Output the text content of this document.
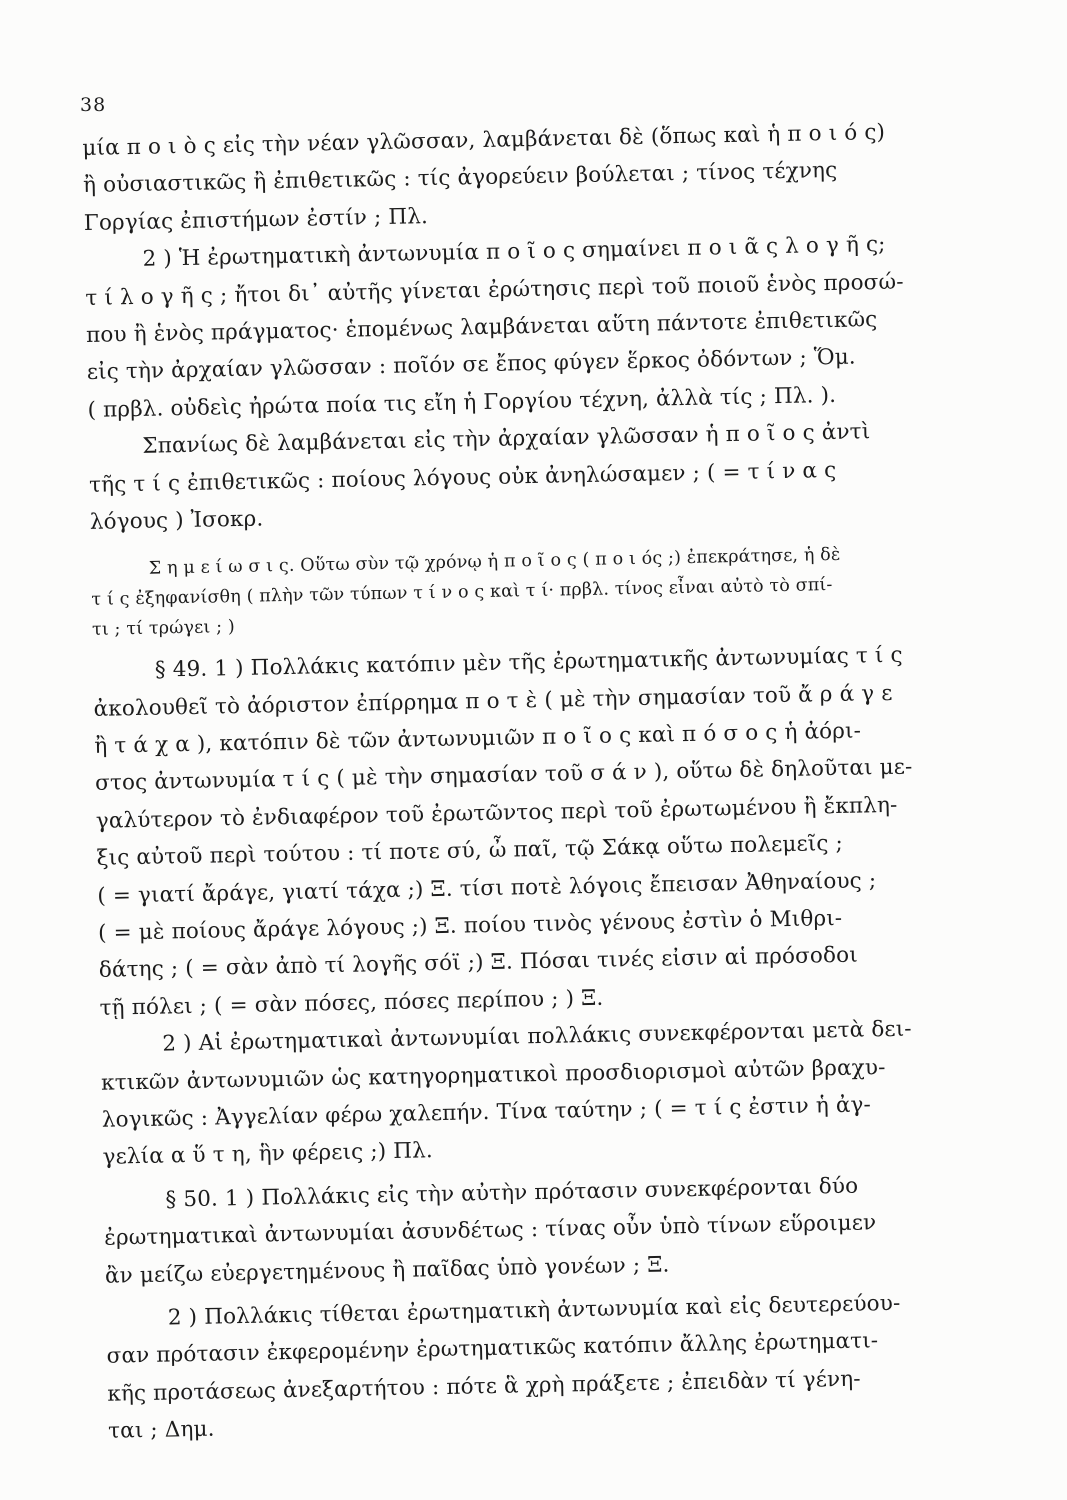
38
μία π ο ι ὸ ς εἰς τὴν νέαν γλῶσσαν, λαμβάνεται δὲ (ὅπως καὶ ἡ π ο ι ό ς)
ἢ οὐσιαστικῶς ἢ ἐπιθετικῶς : τίς ἀγορεύειν βούλεται ; τίνος τέχνης
Γοργίας ἐπιστήμων ἐστίν ; Πλ.
2 ) Ἡ ἐρωτηματικὴ ἀντωνυμία π ο ῖ ο ς σημαίνει π ο ι ᾶ ς λ ο γ ῆ ς;
τ ί λ ο γ ῆ ς ; ἤτοι δι᾽ αὐτῆς γίνεται ἐρώτησις περὶ τοῦ ποιοῦ ἑνὸς προσώ-
που ἢ ἑνὸς πράγματος· ἑπομένως λαμβάνεται αὕτη πάντοτε ἐπιθετικῶς
εἰς τὴν ἀρχαίαν γλῶσσαν : ποῖόν σε ἔπος φύγεν ἕρκος ὀδόντων ; Ὅμ.
( πρβλ. οὐδεὶς ἠρώτα ποία τις εἴη ἡ Γοργίου τέχνη, ἀλλὰ τίς ; Πλ. ).
Σπανίως δὲ λαμβάνεται εἰς τὴν ἀρχαίαν γλῶσσαν ἡ π ο ῖ ο ς ἀντὶ
τῆς τ ί ς ἐπιθετικῶς : ποίους λόγους οὐκ ἀνηλώσαμεν ; ( = τ ί ν α ς
λόγους ) Ἰσοκρ.
Σ η μ ε ί ω σ ι ς. Οὕτω σὺν τῷ χρόνῳ ἡ π ο ῖ ο ς ( π ο ι ός ;) ἐπεκράτησε, ἡ δὲ
τ ί ς ἐξηφανίσθη ( πλὴν τῶν τύπων τ ί ν ο ς καὶ τ ί· πρβλ. τίνος εἶναι αὐτὸ τὸ σπί-
τι ; τί τρώγει ; )
§ 49. 1 ) Πολλάκις κατόπιν μὲν τῆς ἐρωτηματικῆς ἀντωνυμίας τ ί ς
ἀκολουθεῖ τὸ ἀόριστον ἐπίρρημα π ο τ ὲ ( μὲ τὴν σημασίαν τοῦ ἄ ρ ά γ ε
ἢ τ ά χ α ), κατόπιν δὲ τῶν ἀντωνυμιῶν π ο ῖ ο ς καὶ π ό σ ο ς ἡ ἀόρι-
στος ἀντωνυμία τ ί ς ( μὲ τὴν σημασίαν τοῦ σ ά ν ), οὕτω δὲ δηλοῦται με-
γαλύτερον τὸ ἐνδιαφέρον τοῦ ἐρωτῶντος περὶ τοῦ ἐρωτωμένου ἢ ἔκπλη-
ξις αὐτοῦ περὶ τούτου : τί ποτε σύ, ὦ παῖ, τῷ Σάκᾳ οὕτω πολεμεῖς ;
( = γιατί ἄράγε, γιατί τάχα ;) Ξ. τίσι ποτὲ λόγοις ἔπεισαν Ἀθηναίους ;
( = μὲ ποίους ἄράγε λόγους ;) Ξ. ποίου τινὸς γένους ἐστὶν ὁ Μιθρι-
δάτης ; ( = σὰν ἀπὸ τί λογῆς σόϊ ;) Ξ. Πόσαι τινές εἰσιν αἱ πρόσοδοι
τῇ πόλει ; ( = σὰν πόσες, πόσες περίπου ; ) Ξ.
2 ) Αἱ ἐρωτηματικαὶ ἀντωνυμίαι πολλάκις συνεκφέρονται μετὰ δει-
κτικῶν ἀντωνυμιῶν ὡς κατηγορηματικοὶ προσδιορισμοὶ αὐτῶν βραχυ-
λογικῶς : Ἀγγελίαν φέρω χαλεπήν. Τίνα ταύτην ; ( = τ ί ς ἐστιν ἡ ἀγ-
γελία α ὕ τ η, ἣν φέρεις ;) Πλ.
§ 50. 1 ) Πολλάκις εἰς τὴν αὐτὴν πρότασιν συνεκφέρονται δύο
ἐρωτηματικαὶ ἀντωνυμίαι ἀσυνδέτως : τίνας οὖν ὑπὸ τίνων εὕροιμεν
ἂν μείζω εὐεργετημένους ἢ παῖδας ὑπὸ γονέων ; Ξ.
2 ) Πολλάκις τίθεται ἐρωτηματικὴ ἀντωνυμία καὶ εἰς δευτερεύου-
σαν πρότασιν ἐκφερομένην ἐρωτηματικῶς κατόπιν ἄλλης ἐρωτηματι-
κῆς προτάσεως ἀνεξαρτήτου : πότε ἃ χρὴ πράξετε ; ἐπειδὰν τί γένη-
ται ; Δημ.
